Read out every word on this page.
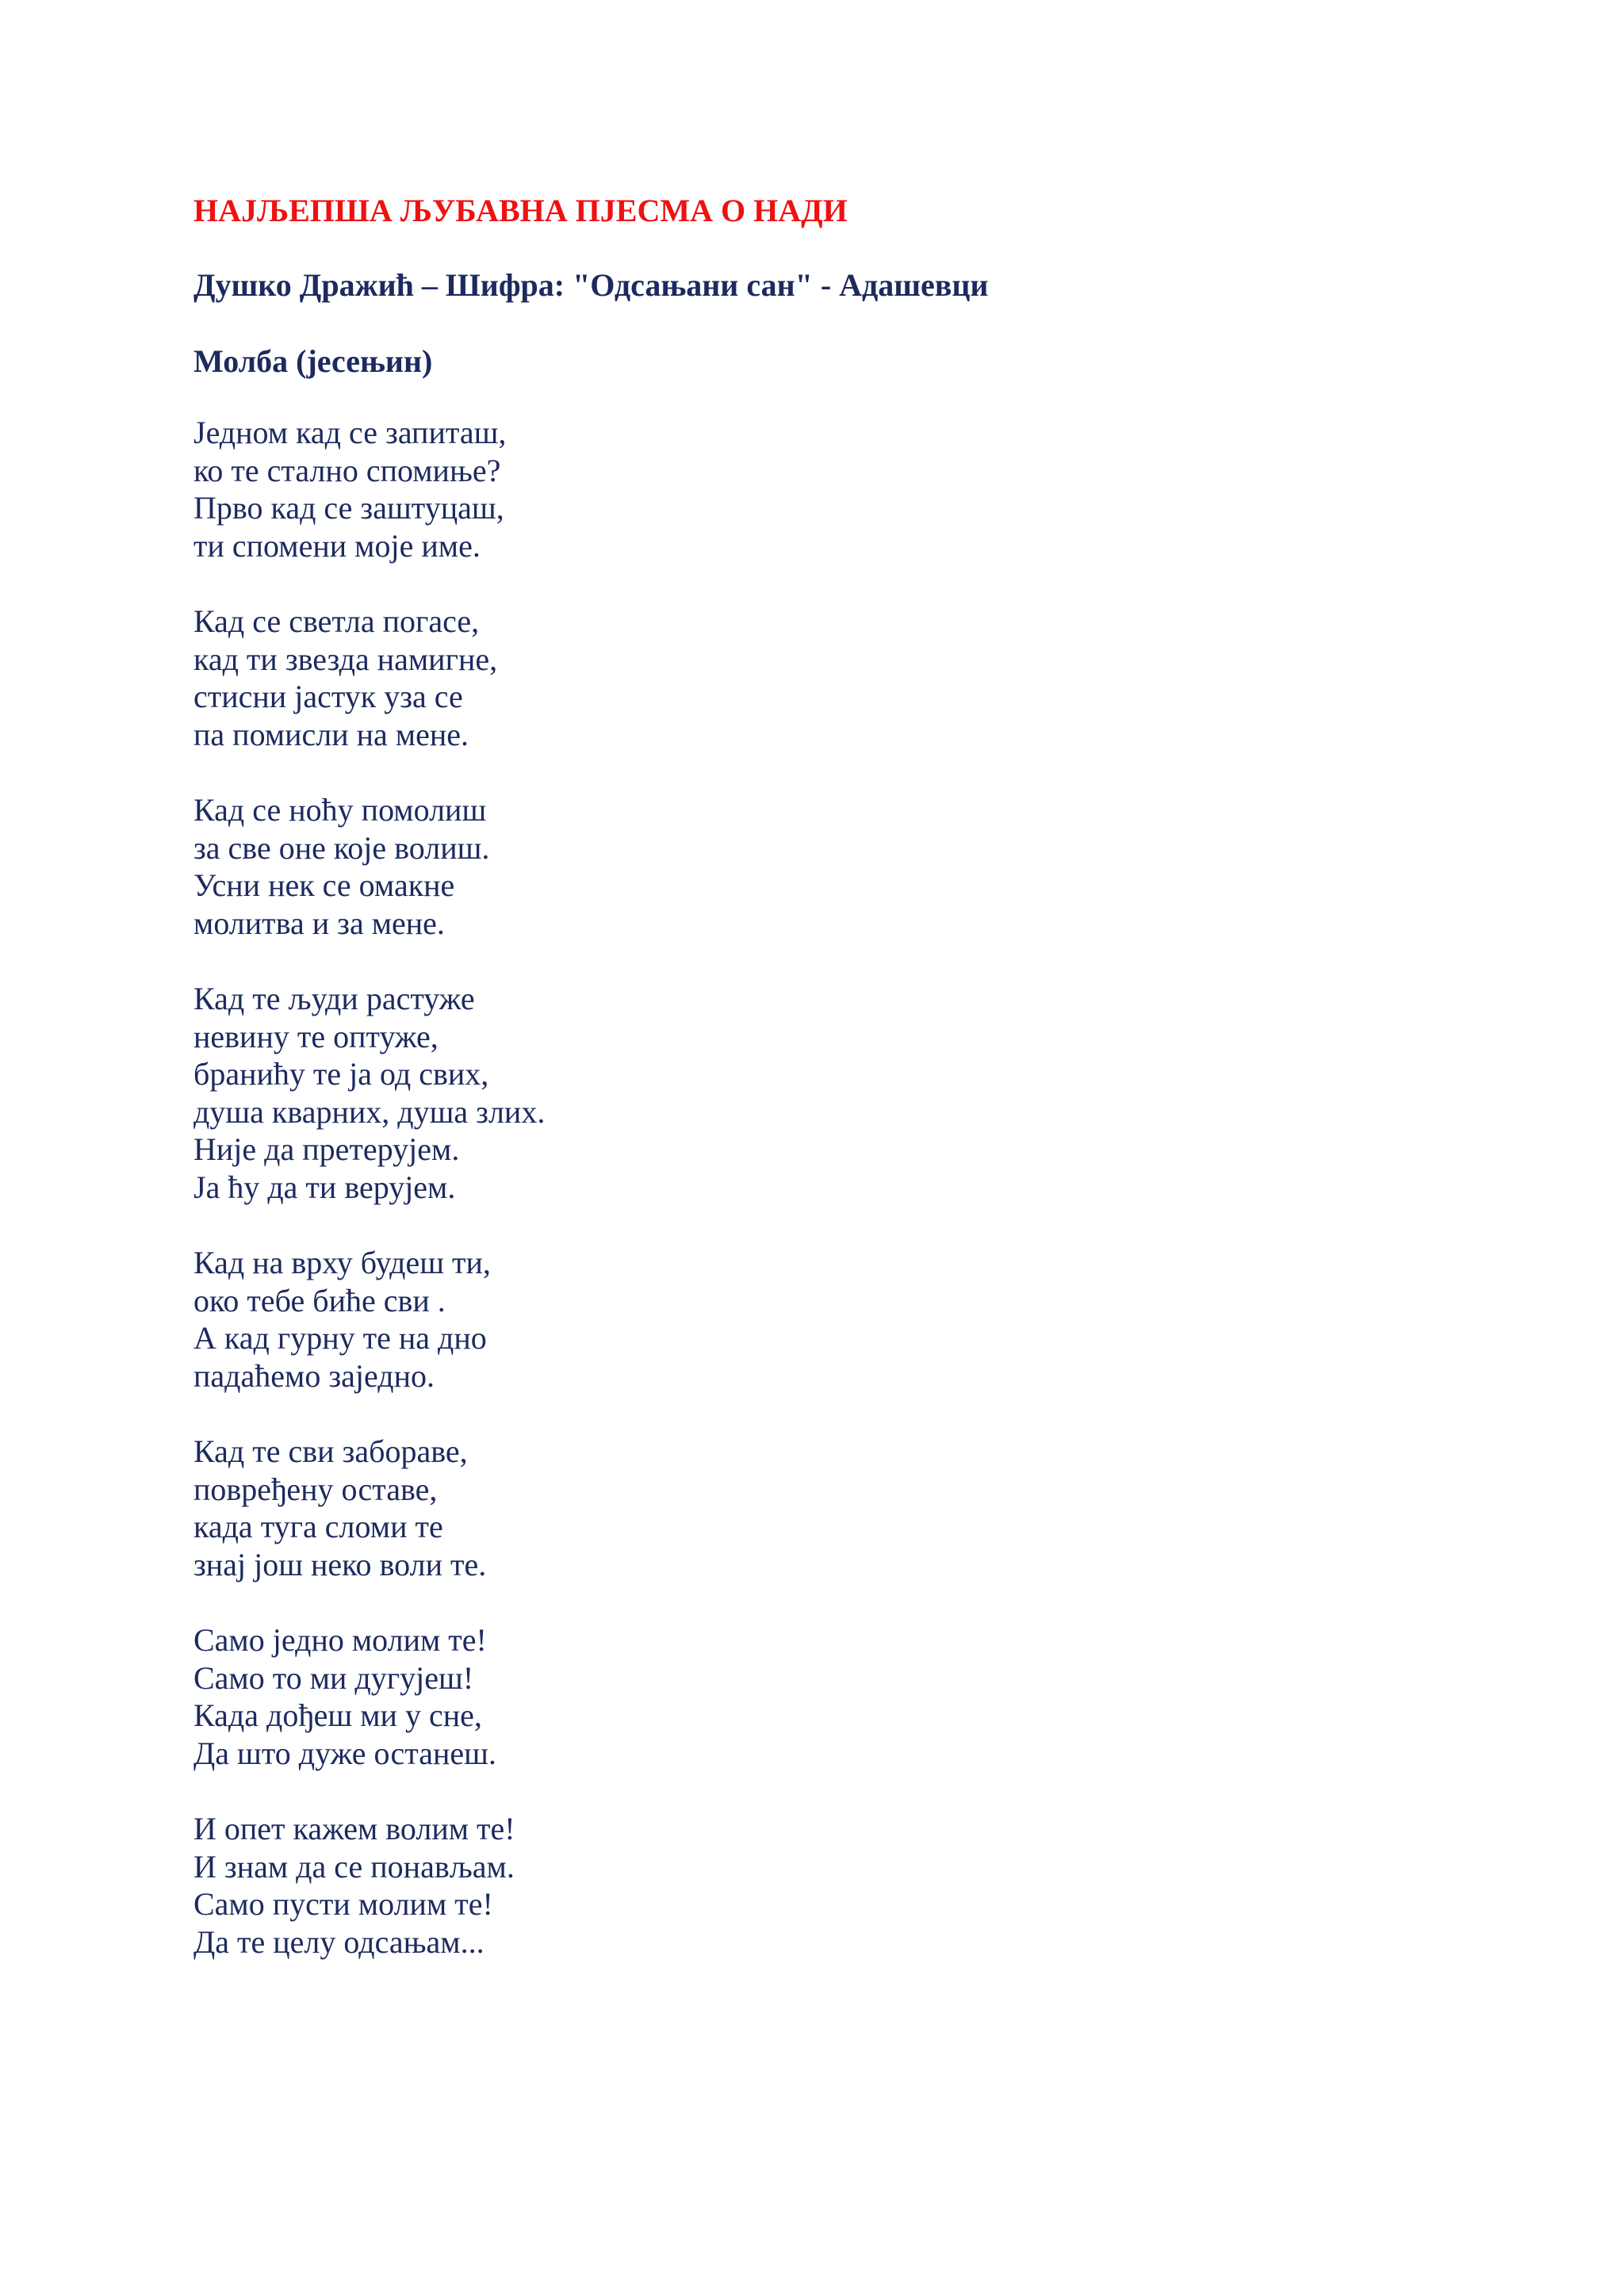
НАЈЉЕПША ЉУБАВНА ПЈЕСМА О НАДИ
Душко Дражић – Шифра: "Одсањани сан" - Адашевци
Молба (јесењин)
Једном кад се запиташ,
ко те стално спомиње?
Прво кад се заштуцаш,
ти спомени моје име.
Кад се светла погасе,
кад ти звезда намигне,
стисни јастук уза се
па помисли на мене.
Кад се ноћу помолиш
за све оне које волиш.
Усни нек се омакне
молитва и за мене.
Кад те људи растуже
невину те оптуже,
бранићу те ја од свих,
душа кварних, душа злих.
Није да претерујем.
Ја ћу да ти верујем.
Кад на врху будеш ти,
око тебе биће сви .
А кад гурну те на дно
падаћемо заједно.
Кад те сви забораве,
повређену оставе,
када туга сломи те
знај још неко воли те.
Само једно молим те!
Само то ми дугујеш!
Када дођеш ми у сне,
Да што дуже останеш.
И опет кажем волим те!
И знам да се понављам.
Само пусти молим те!
Да те целу одсањам...
